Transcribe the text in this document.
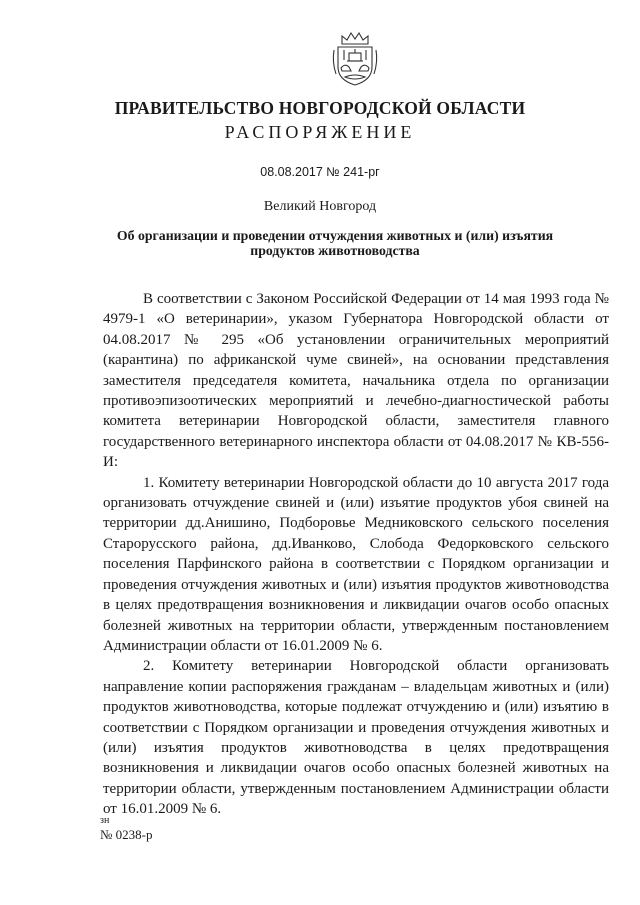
ПРАВИТЕЛЬСТВО НОВГОРОДСКОЙ ОБЛАСТИ
РАСПОРЯЖЕНИЕ
08.08.2017 № 241-рг
Великий Новгород
Об организации и проведении отчуждения животных и (или) изъятия продуктов животноводства

В соответствии с Законом Российской Федерации от 14 мая 1993 года № 4979-1 «О ветеринарии», указом Губернатора Новгородской области от 04.08.2017 № 295 «Об установлении ограничительных мероприятий (карантина) по африканской чуме свиней», на основании представления заместителя председателя комитета, начальника отдела по организации противоэпизоотических мероприятий и лечебно-диагностической работы комитета ветеринарии Новгородской области, заместителя главного государственного ветеринарного инспектора области от 04.08.2017 № КВ-556-И:

1. Комитету ветеринарии Новгородской области до 10 августа 2017 года организовать отчуждение свиней и (или) изъятие продуктов убоя свиней на территории дд.Анишино, Подборовье Медниковского сельского поселения Старорусского района, дд.Иванково, Слобода Федорковского сельского поселения Парфинского района в соответствии с Порядком организации и проведения отчуждения животных и (или) изъятия продуктов животноводства в целях предотвращения возникновения и ликвидации очагов особо опасных болезней животных на территории области, утвержденным постановлением Администрации области от 16.01.2009 № 6.

2. Комитету ветеринарии Новгородской области организовать направление копии распоряжения гражданам – владельцам животных и (или) продуктов животноводства, которые подлежат отчуждению и (или) изъятию в соответствии с Порядком организации и проведения отчуждения животных и (или) изъятия продуктов животноводства в целях предотвращения возникновения и ликвидации очагов особо опасных болезней животных на территории области, утвержденным постановлением Администрации области от 16.01.2009 № 6.

зн
№ 0238-р
